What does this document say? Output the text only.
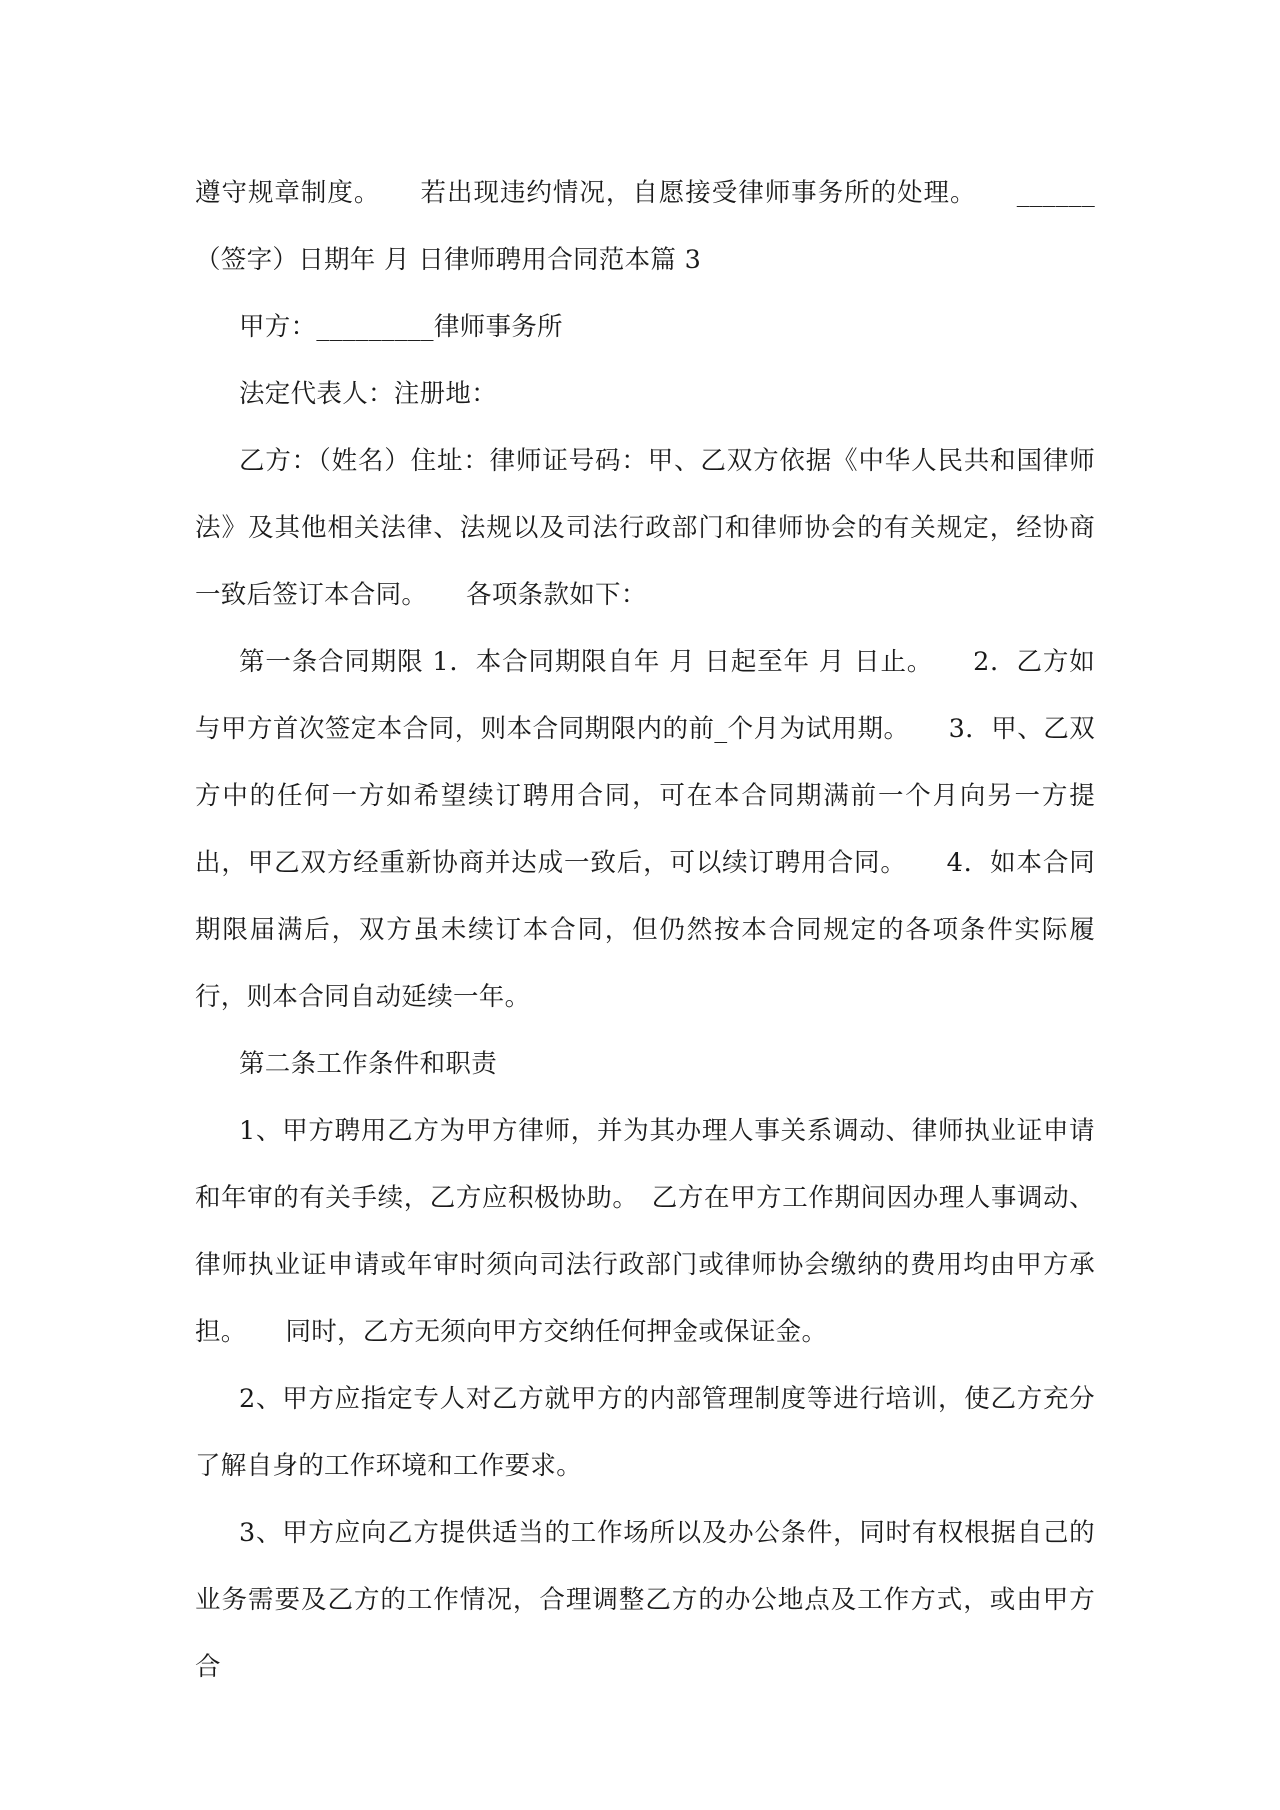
遵守规章制度。　　若出现违约情况，自愿接受律师事务所的处理。　　______（签字）日期年 月 日律师聘用合同范本篇 3

甲方：_________律师事务所

法定代表人：注册地：

乙方：（姓名）住址：律师证号码：甲、乙双方依据《中华人民共和国律师法》及其他相关法律、法规以及司法行政部门和律师协会的有关规定，经协商一致后签订本合同。　　各项条款如下：

第一条合同期限 1．本合同期限自年 月 日起至年 月 日止。　　2．乙方如与甲方首次签定本合同，则本合同期限内的前_个月为试用期。　　3．甲、乙双方中的任何一方如希望续订聘用合同，可在本合同期满前一个月向另一方提出，甲乙双方经重新协商并达成一致后，可以续订聘用合同。　　4．如本合同期限届满后，双方虽未续订本合同，但仍然按本合同规定的各项条件实际履行，则本合同自动延续一年。

第二条工作条件和职责

1、甲方聘用乙方为甲方律师，并为其办理人事关系调动、律师执业证申请和年审的有关手续，乙方应积极协助。　乙方在甲方工作期间因办理人事调动、律师执业证申请或年审时须向司法行政部门或律师协会缴纳的费用均由甲方承担。　　同时，乙方无须向甲方交纳任何押金或保证金。

2、甲方应指定专人对乙方就甲方的内部管理制度等进行培训，使乙方充分了解自身的工作环境和工作要求。

3、甲方应向乙方提供适当的工作场所以及办公条件，同时有权根据自己的业务需要及乙方的工作情况，合理调整乙方的办公地点及工作方式，或由甲方合
